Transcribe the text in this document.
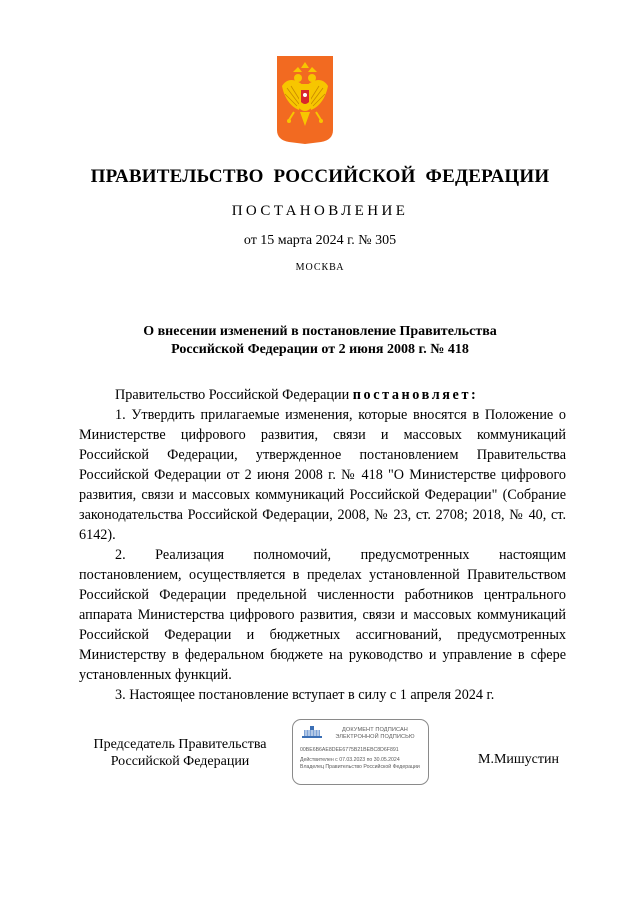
ПРАВИТЕЛЬСТВО РОССИЙСКОЙ ФЕДЕРАЦИИ
ПОСТАНОВЛЕНИЕ
от 15 марта 2024 г. № 305
МОСКВА
О внесении изменений в постановление Правительства
Российской Федерации от 2 июня 2008 г. № 418

Правительство Российской Федерации постановляет:

1. Утвердить прилагаемые изменения, которые вносятся в Положение о Министерстве цифрового развития, связи и массовых коммуникаций Российской Федерации, утвержденное постановлением Правительства Российской Федерации от 2 июня 2008 г. № 418 "О Министерстве цифрового развития, связи и массовых коммуникаций Российской Федерации" (Собрание законодательства Российской Федерации, 2008, № 23, ст. 2708; 2018, № 40, ст. 6142).

2. Реализация полномочий, предусмотренных настоящим постановлением, осуществляется в пределах установленной Правительством Российской Федерации предельной численности работников центрального аппарата Министерства цифрового развития, связи и массовых коммуникаций Российской Федерации и бюджетных ассигнований, предусмотренных Министерству в федеральном бюджете на руководство и управление в сфере установленных функций.

3. Настоящее постановление вступает в силу с 1 апреля 2024 г.

Председатель Правительства
Российской Федерации
ДОКУМЕНТ ПОДПИСАН
ЭЛЕКТРОННОЙ ПОДПИСЬЮ
00BE6B6AE8DEE6775B21BEBC8D6F891
Действителен с 07.03.2023 по 30.05.2024
Владелец Правительство Российской Федерации	М.Мишустин
